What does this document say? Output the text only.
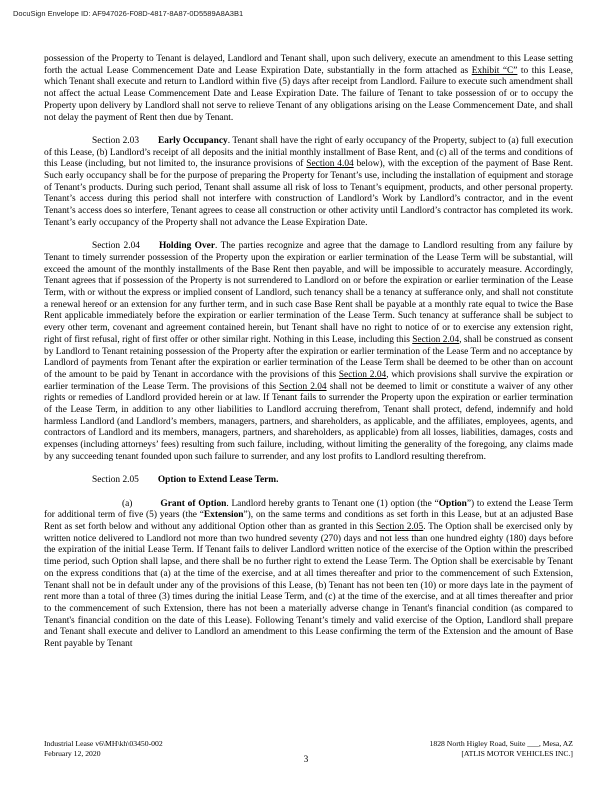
DocuSign Envelope ID: AF947026-F08D-4817-8A87-0D5589A8A3B1

possession of the Property to Tenant is delayed, Landlord and Tenant shall, upon such delivery, execute an amendment to this Lease setting forth the actual Lease Commencement Date and Lease Expiration Date, substantially in the form attached as Exhibit “C” to this Lease, which Tenant shall execute and return to Landlord within five (5) days after receipt from Landlord. Failure to execute such amendment shall not affect the actual Lease Commencement Date and Lease Expiration Date. The failure of Tenant to take possession of or to occupy the Property upon delivery by Landlord shall not serve to relieve Tenant of any obligations arising on the Lease Commencement Date, and shall not delay the payment of Rent then due by Tenant.

Section 2.03 Early Occupancy. Tenant shall have the right of early occupancy of the Property, subject to (a) full execution of this Lease, (b) Landlord’s receipt of all deposits and the initial monthly installment of Base Rent, and (c) all of the terms and conditions of this Lease (including, but not limited to, the insurance provisions of Section 4.04 below), with the exception of the payment of Base Rent. Such early occupancy shall be for the purpose of preparing the Property for Tenant’s use, including the installation of equipment and storage of Tenant’s products. During such period, Tenant shall assume all risk of loss to Tenant’s equipment, products, and other personal property. Tenant’s access during this period shall not interfere with construction of Landlord’s Work by Landlord’s contractor, and in the event Tenant’s access does so interfere, Tenant agrees to cease all construction or other activity until Landlord’s contractor has completed its work. Tenant’s early occupancy of the Property shall not advance the Lease Expiration Date.

Section 2.04 Holding Over. The parties recognize and agree that the damage to Landlord resulting from any failure by Tenant to timely surrender possession of the Property upon the expiration or earlier termination of the Lease Term will be substantial, will exceed the amount of the monthly installments of the Base Rent then payable, and will be impossible to accurately measure. Accordingly, Tenant agrees that if possession of the Property is not surrendered to Landlord on or before the expiration or earlier termination of the Lease Term, with or without the express or implied consent of Landlord, such tenancy shall be a tenancy at sufferance only, and shall not constitute a renewal hereof or an extension for any further term, and in such case Base Rent shall be payable at a monthly rate equal to twice the Base Rent applicable immediately before the expiration or earlier termination of the Lease Term. Such tenancy at sufferance shall be subject to every other term, covenant and agreement contained herein, but Tenant shall have no right to notice of or to exercise any extension right, right of first refusal, right of first offer or other similar right. Nothing in this Lease, including this Section 2.04, shall be construed as consent by Landlord to Tenant retaining possession of the Property after the expiration or earlier termination of the Lease Term and no acceptance by Landlord of payments from Tenant after the expiration or earlier termination of the Lease Term shall be deemed to be other than on account of the amount to be paid by Tenant in accordance with the provisions of this Section 2.04, which provisions shall survive the expiration or earlier termination of the Lease Term. The provisions of this Section 2.04 shall not be deemed to limit or constitute a waiver of any other rights or remedies of Landlord provided herein or at law. If Tenant fails to surrender the Property upon the expiration or earlier termination of the Lease Term, in addition to any other liabilities to Landlord accruing therefrom, Tenant shall protect, defend, indemnify and hold harmless Landlord (and Landlord’s members, managers, partners, and shareholders, as applicable, and the affiliates, employees, agents, and contractors of Landlord and its members, managers, partners, and shareholders, as applicable) from all losses, liabilities, damages, costs and expenses (including attorneys’ fees) resulting from such failure, including, without limiting the generality of the foregoing, any claims made by any succeeding tenant founded upon such failure to surrender, and any lost profits to Landlord resulting therefrom.

Section 2.05 Option to Extend Lease Term.

(a)	Grant of Option. Landlord hereby grants to Tenant one (1) option (the “Option”) to extend the Lease Term for additional term of five (5) years (the “Extension”), on the same terms and conditions as set forth in this Lease, but at an adjusted Base Rent as set forth below and without any additional Option other than as granted in this Section 2.05. The Option shall be exercised only by written notice delivered to Landlord not more than two hundred seventy (270) days and not less than one hundred eighty (180) days before the expiration of the initial Lease Term. If Tenant fails to deliver Landlord written notice of the exercise of the Option within the prescribed time period, such Option shall lapse, and there shall be no further right to extend the Lease Term. The Option shall be exercisable by Tenant on the express conditions that (a) at the time of the exercise, and at all times thereafter and prior to the commencement of such Extension, Tenant shall not be in default under any of the provisions of this Lease, (b) Tenant has not been ten (10) or more days late in the payment of rent more than a total of three (3) times during the initial Lease Term, and (c) at the time of the exercise, and at all times thereafter and prior to the commencement of such Extension, there has not been a materially adverse change in Tenant's financial condition (as compared to Tenant's financial condition on the date of this Lease). Following Tenant’s timely and valid exercise of the Option, Landlord shall prepare and Tenant shall execute and deliver to Landlord an amendment to this Lease confirming the term of the Extension and the amount of Base Rent payable by Tenant

Industrial Lease v6\MH\kh\03450-002
February 12, 2020
1828 North Higley Road, Suite ___, Mesa, AZ
[ATLIS MOTOR VEHICLES INC.]
3
